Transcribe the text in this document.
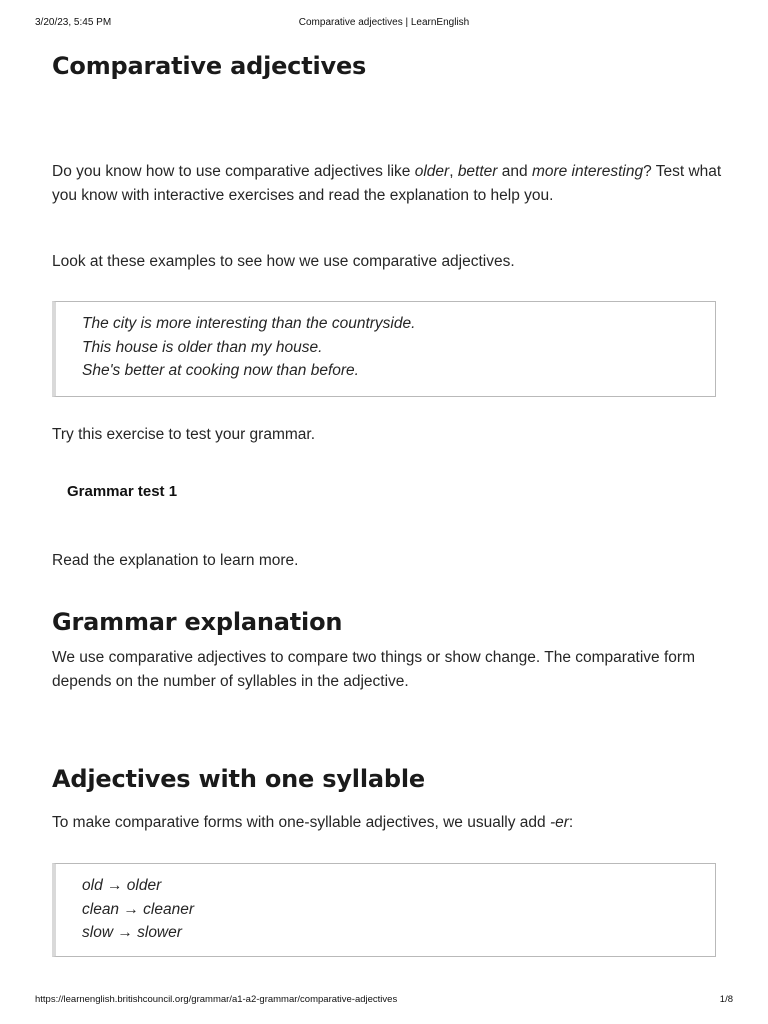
3/20/23, 5:45 PM	Comparative adjectives | LearnEnglish
Comparative adjectives

Do you know how to use comparative adjectives like older, better and more interesting? Test what you know with interactive exercises and read the explanation to help you.

Look at these examples to see how we use comparative adjectives.

The city is more interesting than the countryside.
This house is older than my house.
She's better at cooking now than before.

Try this exercise to test your grammar.

Grammar test 1

Read the explanation to learn more.

Grammar explanation

We use comparative adjectives to compare two things or show change. The comparative form depends on the number of syllables in the adjective.

Adjectives with one syllable

To make comparative forms with one-syllable adjectives, we usually add -er:

old → older
clean → cleaner
slow → slower
https://learnenglish.britishcouncil.org/grammar/a1-a2-grammar/comparative-adjectives	1/8
